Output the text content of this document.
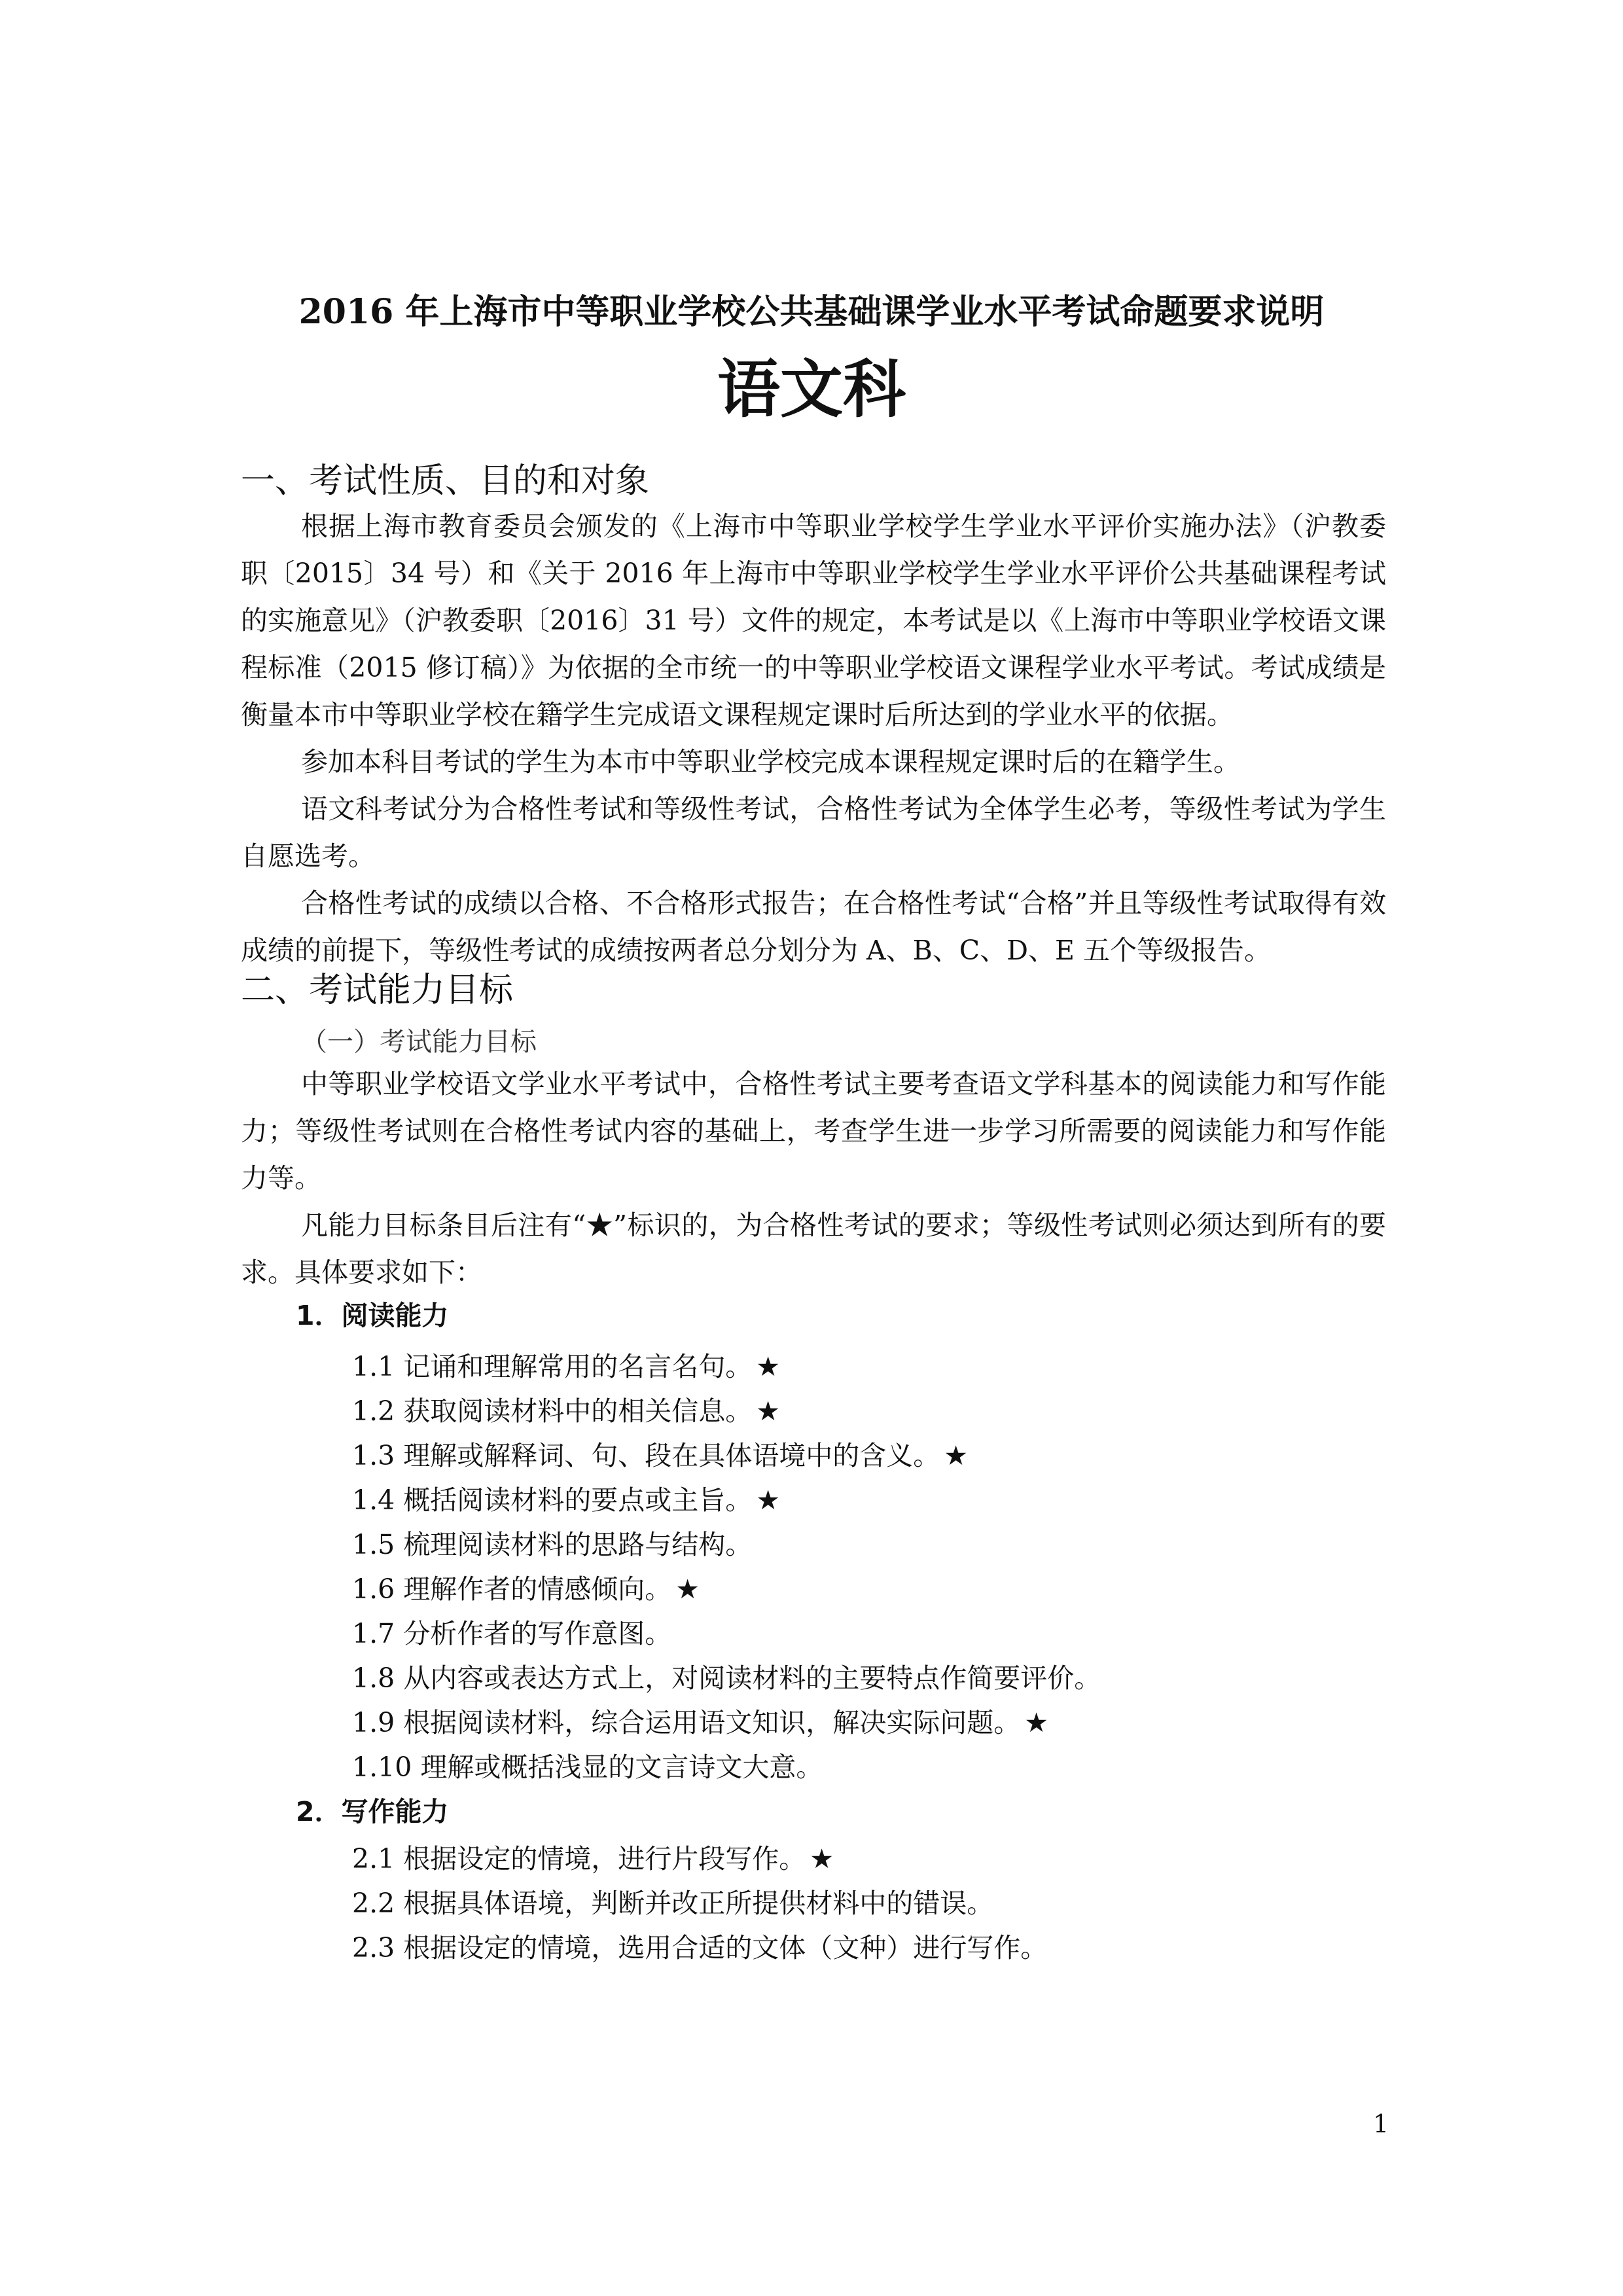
2016 年上海市中等职业学校公共基础课学业水平考试命题要求说明
语文科
一、考试性质、目的和对象

根据上海市教育委员会颁发的《上海市中等职业学校学生学业水平评价实施办法》（沪教委职〔2015〕34 号）和《关于 2016 年上海市中等职业学校学生学业水平评价公共基础课程考试的实施意见》（沪教委职〔2016〕31 号）文件的规定，本考试是以《上海市中等职业学校语文课程标准（2015 修订稿）》为依据的全市统一的中等职业学校语文课程学业水平考试。考试成绩是衡量本市中等职业学校在籍学生完成语文课程规定课时后所达到的学业水平的依据。

参加本科目考试的学生为本市中等职业学校完成本课程规定课时后的在籍学生。

语文科考试分为合格性考试和等级性考试，合格性考试为全体学生必考，等级性考试为学生自愿选考。

合格性考试的成绩以合格、不合格形式报告；在合格性考试“合格”并且等级性考试取得有效成绩的前提下，等级性考试的成绩按两者总分划分为 A、B、C、D、E 五个等级报告。

二、考试能力目标
（一）考试能力目标

中等职业学校语文学业水平考试中，合格性考试主要考查语文学科基本的阅读能力和写作能力；等级性考试则在合格性考试内容的基础上，考查学生进一步学习所需要的阅读能力和写作能力等。

凡能力目标条目后注有“★”标识的，为合格性考试的要求；等级性考试则必须达到所有的要求。具体要求如下：

1．阅读能力
1.1 记诵和理解常用的名言名句。 ★
1.2 获取阅读材料中的相关信息。 ★
1.3 理解或解释词、句、段在具体语境中的含义。 ★
1.4 概括阅读材料的要点或主旨。 ★
1.5 梳理阅读材料的思路与结构。
1.6 理解作者的情感倾向。 ★
1.7 分析作者的写作意图。
1.8 从内容或表达方式上，对阅读材料的主要特点作简要评价。
1.9 根据阅读材料，综合运用语文知识，解决实际问题。 ★
1.10 理解或概括浅显的文言诗文大意。
2．写作能力
2.1 根据设定的情境，进行片段写作。 ★
2.2 根据具体语境，判断并改正所提供材料中的错误。
2.3 根据设定的情境，选用合适的文体（文种）进行写作。
1
